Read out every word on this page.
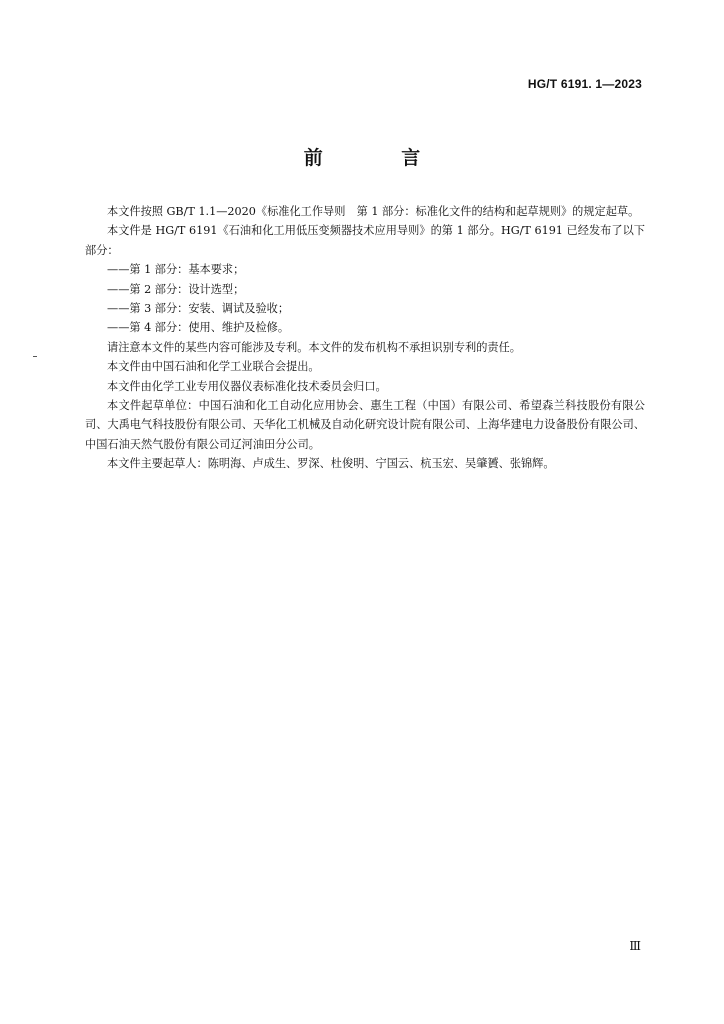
HG/T 6191. 1—2023
前 言

本文件按照 GB/T 1.1—2020《标准化工作导则　第 1 部分：标准化文件的结构和起草规则》的规定起草。

本文件是 HG/T 6191《石油和化工用低压变频器技术应用导则》的第 1 部分。HG/T 6191 已经发布了以下部分：

——第 1 部分：基本要求；

——第 2 部分：设计选型；

——第 3 部分：安装、调试及验收；

——第 4 部分：使用、维护及检修。

请注意本文件的某些内容可能涉及专利。本文件的发布机构不承担识别专利的责任。

本文件由中国石油和化学工业联合会提出。

本文件由化学工业专用仪器仪表标准化技术委员会归口。

本文件起草单位：中国石油和化工自动化应用协会、惠生工程（中国）有限公司、希望森兰科技股份有限公司、大禹电气科技股份有限公司、天华化工机械及自动化研究设计院有限公司、上海华建电力设备股份有限公司、中国石油天然气股份有限公司辽河油田分公司。

本文件主要起草人：陈明海、卢成生、罗深、杜俊明、宁国云、杭玉宏、吴肇贇、张锦辉。

Ⅲ
